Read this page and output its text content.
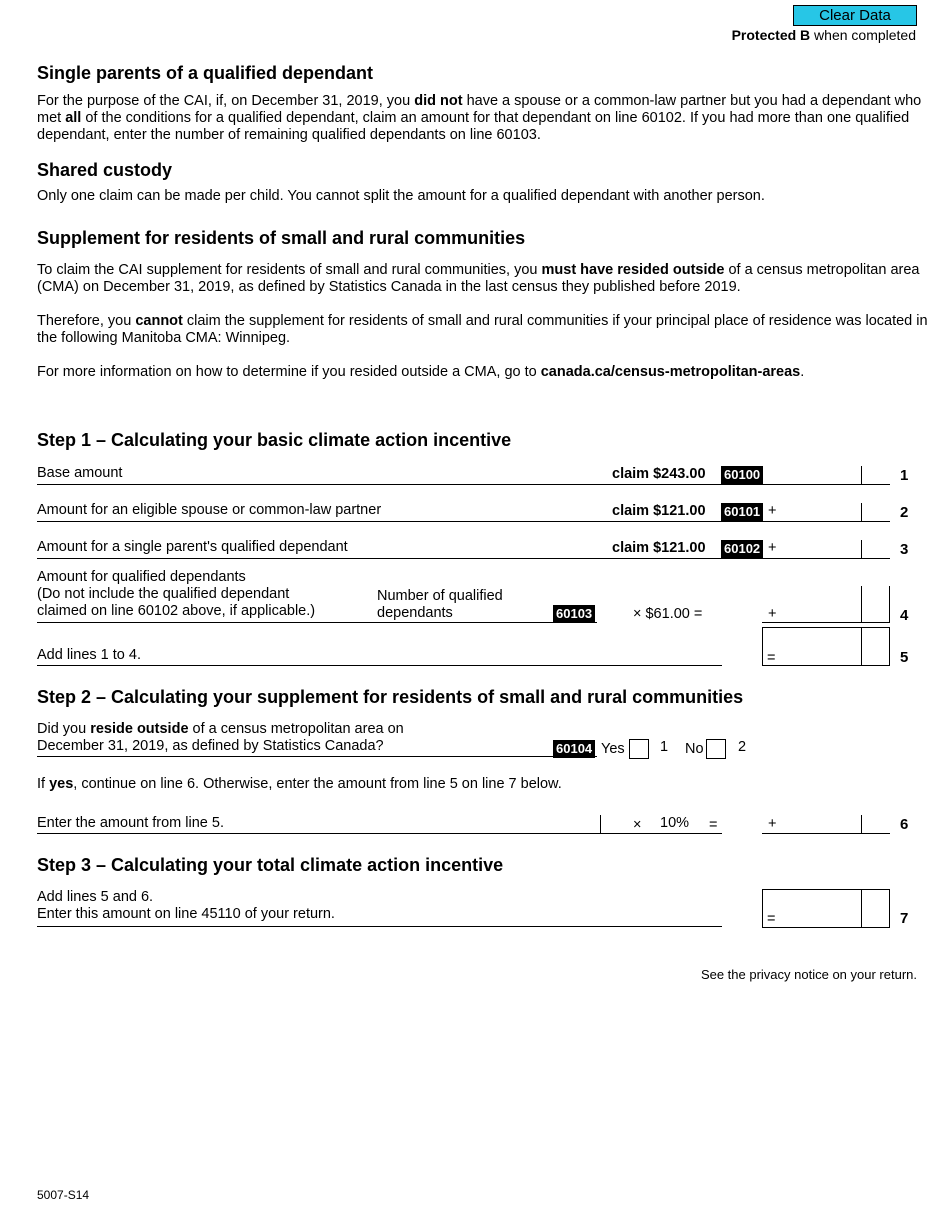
Clear Data
Protected B when completed
Single parents of a qualified dependant

For the purpose of the CAI, if, on December 31, 2019, you did not have a spouse or a common-law partner but you had a dependant who met all of the conditions for a qualified dependant, claim an amount for that dependant on line 60102. If you had more than one qualified dependant, enter the number of remaining qualified dependants on line 60103.

Shared custody

Only one claim can be made per child. You cannot split the amount for a qualified dependant with another person.

Supplement for residents of small and rural communities

To claim the CAI supplement for residents of small and rural communities, you must have resided outside of a census metropolitan area (CMA) on December 31, 2019, as defined by Statistics Canada in the last census they published before 2019.

Therefore, you cannot claim the supplement for residents of small and rural communities if your principal place of residence was located in the following Manitoba CMA: Winnipeg.

For more information on how to determine if you resided outside a CMA, go to canada.ca/census-metropolitan-areas.

Step 1 – Calculating your basic climate action incentive
Base amount	claim $243.00 60100	1
Amount for an eligible spouse or common-law partner	claim $121.00 60101 +	2
Amount for a single parent's qualified dependant	claim $121.00 60102 +	3
Amount for qualified dependants
(Do not include the qualified dependant
claimed on line 60102 above, if applicable.)
Number of qualified
dependants	60103	× $61.00 =	+	4
Add lines 1 to 4.	=	5
Step 2 – Calculating your supplement for residents of small and rural communities
Did you reside outside of a census metropolitan area on
December 31, 2019, as defined by Statistics Canada?	60104 Yes 1 No 2
If yes, continue on line 6. Otherwise, enter the amount from line 5 on line 7 below.
Enter the amount from line 5.	× 10% =	+	6
Step 3 – Calculating your total climate action incentive
Add lines 5 and 6.
Enter this amount on line 45110 of your return.	=	7
See the privacy notice on your return.
5007-S14
